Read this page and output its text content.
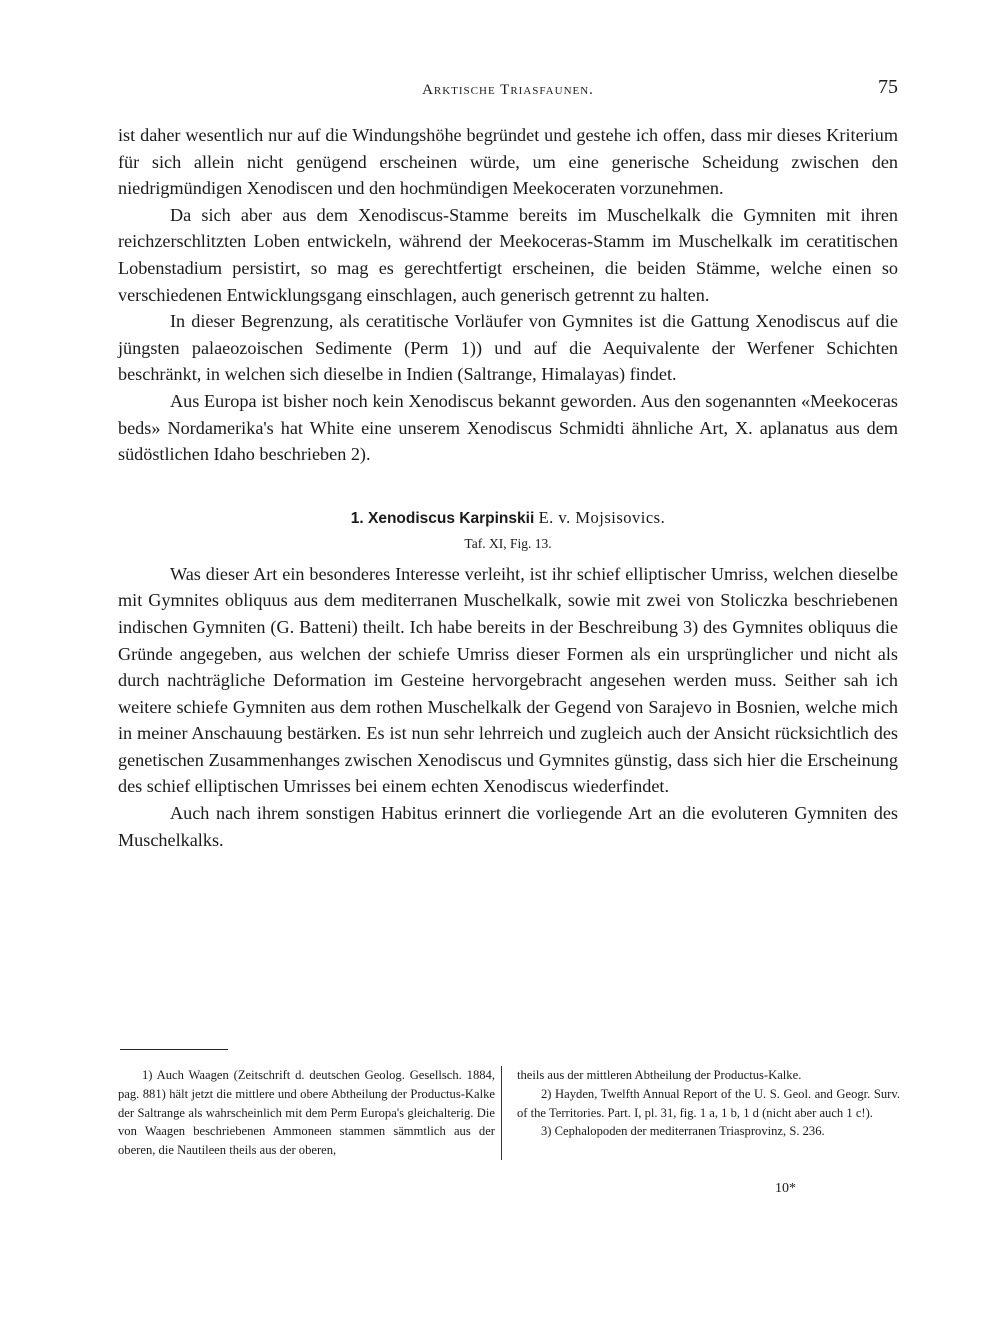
Arktische Triasfaunen.	75

ist daher wesentlich nur auf die Windungshöhe begründet und gestehe ich offen, dass mir dieses Kriterium für sich allein nicht genügend erscheinen würde, um eine generische Scheidung zwischen den niedrigmündigen Xenodiscen und den hochmündigen Meekoceraten vorzunehmen.

Da sich aber aus dem Xenodiscus-Stamme bereits im Muschelkalk die Gymniten mit ihren reichzerschlitzten Loben entwickeln, während der Meekoceras-Stamm im Muschelkalk im ceratitischen Lobenstadium persistirt, so mag es gerechtfertigt erscheinen, die beiden Stämme, welche einen so verschiedenen Entwicklungsgang einschlagen, auch generisch getrennt zu halten.

In dieser Begrenzung, als ceratitische Vorläufer von Gymnites ist die Gattung Xenodiscus auf die jüngsten palaeozoischen Sedimente (Perm 1)) und auf die Aequivalente der Werfener Schichten beschränkt, in welchen sich dieselbe in Indien (Saltrange, Himalayas) findet.

Aus Europa ist bisher noch kein Xenodiscus bekannt geworden. Aus den sogenannten «Meekoceras beds» Nordamerika's hat White eine unserem Xenodiscus Schmidti ähnliche Art, X. aplanatus aus dem südöstlichen Idaho beschrieben 2).

1. Xenodiscus Karpinskii E. v. Mojsisovics.
Taf. XI, Fig. 13.

Was dieser Art ein besonderes Interesse verleiht, ist ihr schief elliptischer Umriss, welchen dieselbe mit Gymnites obliquus aus dem mediterranen Muschelkalk, sowie mit zwei von Stoliczka beschriebenen indischen Gymniten (G. Batteni) theilt. Ich habe bereits in der Beschreibung 3) des Gymnites obliquus die Gründe angegeben, aus welchen der schiefe Umriss dieser Formen als ein ursprünglicher und nicht als durch nachträgliche Deformation im Gesteine hervorgebracht angesehen werden muss. Seither sah ich weitere schiefe Gymniten aus dem rothen Muschelkalk der Gegend von Sarajevo in Bosnien, welche mich in meiner Anschauung bestärken. Es ist nun sehr lehrreich und zugleich auch der Ansicht rücksichtlich des genetischen Zusammenhanges zwischen Xenodiscus und Gymnites günstig, dass sich hier die Erscheinung des schief elliptischen Umrisses bei einem echten Xenodiscus wiederfindet.

Auch nach ihrem sonstigen Habitus erinnert die vorliegende Art an die evoluteren Gymniten des Muschelkalks.

1) Auch Waagen (Zeitschrift d. deutschen Geolog. Gesellsch. 1884, pag. 881) hält jetzt die mittlere und obere Abtheilung der Productus-Kalke der Saltrange als wahrscheinlich mit dem Perm Europa's gleichalterig. Die von Waagen beschriebenen Ammoneen stammen sämmtlich aus der oberen, die Nautileen theils aus der oberen,

theils aus der mittleren Abtheilung der Productus-Kalke.

2) Hayden, Twelfth Annual Report of the U. S. Geol. and Geogr. Surv. of the Territories. Part. I, pl. 31, fig. 1 a, 1 b, 1 d (nicht aber auch 1 c!).

3) Cephalopoden der mediterranen Triasprovinz, S. 236.

10*
